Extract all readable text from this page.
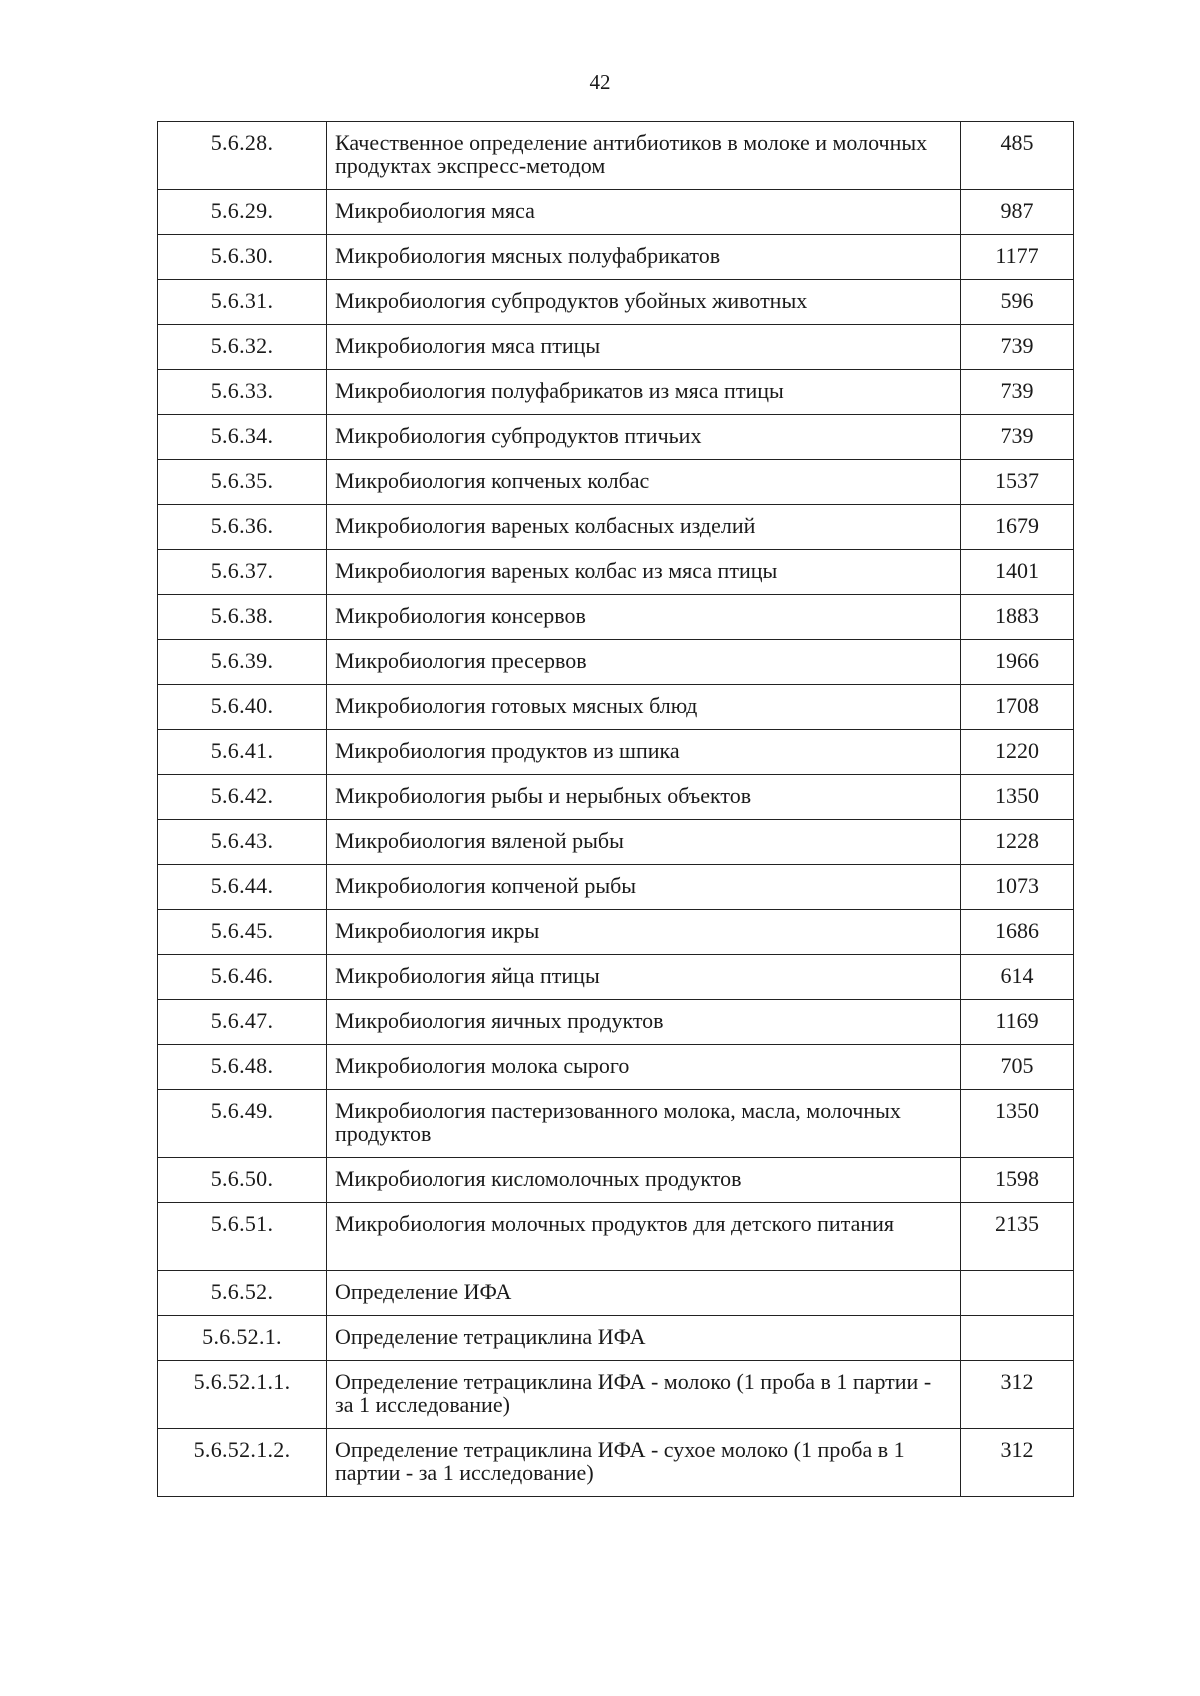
42
5.6.28.	Качественное определение антибиотиков в молоке и молочных продуктах экспресс-методом	485
5.6.29.	Микробиология мяса	987
5.6.30.	Микробиология мясных полуфабрикатов	1177
5.6.31.	Микробиология субпродуктов убойных животных	596
5.6.32.	Микробиология мяса птицы	739
5.6.33.	Микробиология полуфабрикатов из мяса птицы	739
5.6.34.	Микробиология субпродуктов птичьих	739
5.6.35.	Микробиология копченых колбас	1537
5.6.36.	Микробиология вареных колбасных изделий	1679
5.6.37.	Микробиология вареных колбас из мяса птицы	1401
5.6.38.	Микробиология консервов	1883
5.6.39.	Микробиология пресервов	1966
5.6.40.	Микробиология готовых мясных блюд	1708
5.6.41.	Микробиология продуктов из шпика	1220
5.6.42.	Микробиология рыбы и нерыбных объектов	1350
5.6.43.	Микробиология вяленой рыбы	1228
5.6.44.	Микробиология копченой рыбы	1073
5.6.45.	Микробиология икры	1686
5.6.46.	Микробиология яйца птицы	614
5.6.47.	Микробиология яичных продуктов	1169
5.6.48.	Микробиология молока сырого	705
5.6.49.	Микробиология пастеризованного молока, масла, молочных продуктов	1350
5.6.50.	Микробиология кисломолочных продуктов	1598
5.6.51.	Микробиология молочных продуктов для детского питания	2135
5.6.52.	Определение ИФА	
5.6.52.1.	Определение тетрациклина ИФА	
5.6.52.1.1.	Определение тетрациклина ИФА - молоко (1 проба в 1 партии - за 1 исследование)	312
5.6.52.1.2.	Определение тетрациклина ИФА - сухое молоко (1 проба в 1 партии - за 1 исследование)	312
